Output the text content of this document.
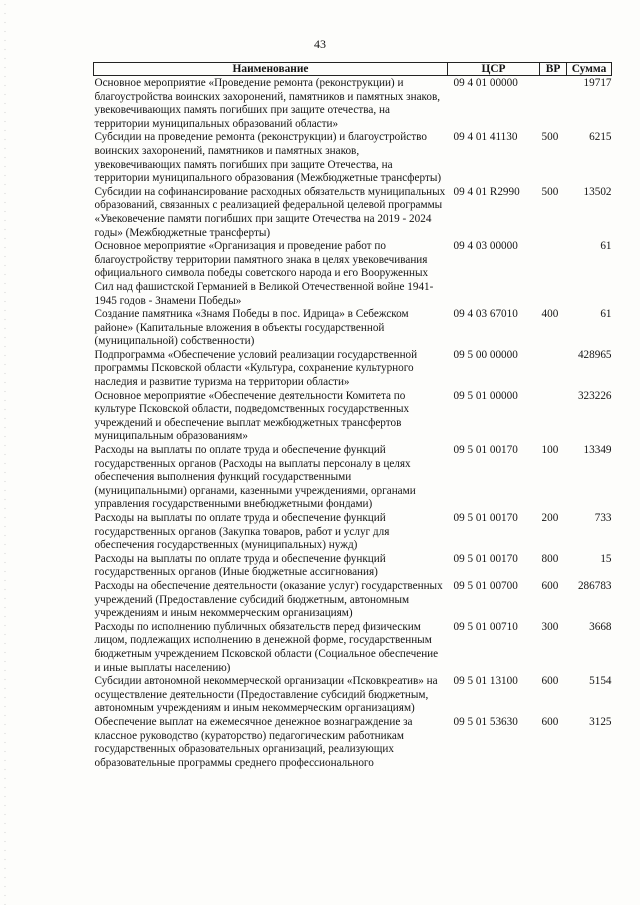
43
Наименование	ЦСР	ВР	Сумма
Основное мероприятие «Проведение ремонта (реконструкции) и благоустройства воинских захоронений, памятников и памятных знаков, увековечивающих память погибших при защите отечества, на территории муниципальных образований области»	09 4 01 00000		19717
Субсидии на проведение ремонта (реконструкции) и благоустройство воинских захоронений, памятников и памятных знаков, увековечивающих память погибших при защите Отечества, на территории муниципального образования (Межбюджетные трансферты)	09 4 01 41130	500	6215
Субсидии на софинансирование расходных обязательств муниципальных образований, связанных с реализацией федеральной целевой программы «Увековечение памяти погибших при защите Отечества на 2019 - 2024 годы» (Межбюджетные трансферты)	09 4 01 R2990	500	13502
Основное мероприятие «Организация и проведение работ по благоустройству территории памятного знака в целях увековечивания официального символа победы советского народа и его Вооруженных Сил над фашистской Германией в Великой Отечественной войне 1941-1945 годов - Знамени Победы»	09 4 03 00000		61
Создание памятника «Знамя Победы в пос. Идрица» в Себежском районе» (Капитальные вложения в объекты государственной (муниципальной) собственности)	09 4 03 67010	400	61
Подпрограмма «Обеспечение условий реализации государственной программы Псковской области «Культура, сохранение культурного наследия и развитие туризма на территории области»	09 5 00 00000		428965
Основное мероприятие «Обеспечение деятельности Комитета по культуре Псковской области, подведомственных государственных учреждений и обеспечение выплат межбюджетных трансфертов муниципальным образованиям»	09 5 01 00000		323226
Расходы на выплаты по оплате труда и обеспечение функций государственных органов (Расходы на выплаты персоналу в целях обеспечения выполнения функций государственными (муниципальными) органами, казенными учреждениями, органами управления государственными внебюджетными фондами)	09 5 01 00170	100	13349
Расходы на выплаты по оплате труда и обеспечение функций государственных органов (Закупка товаров, работ и услуг для обеспечения государственных (муниципальных) нужд)	09 5 01 00170	200	733
Расходы на выплаты по оплате труда и обеспечение функций государственных органов (Иные бюджетные ассигнования)	09 5 01 00170	800	15
Расходы на обеспечение деятельности (оказание услуг) государственных учреждений (Предоставление субсидий бюджетным, автономным учреждениям и иным некоммерческим организациям)	09 5 01 00700	600	286783
Расходы по исполнению публичных обязательств перед физическим лицом, подлежащих исполнению в денежной форме, государственным бюджетным учреждением Псковской области (Социальное обеспечение и иные выплаты населению)	09 5 01 00710	300	3668
Субсидии автономной некоммерческой организации «Псковкреатив» на осуществление деятельности (Предоставление субсидий бюджетным, автономным учреждениям и иным некоммерческим организациям)	09 5 01 13100	600	5154
Обеспечение выплат на ежемесячное денежное вознаграждение за классное руководство (кураторство) педагогическим работникам государственных образовательных организаций, реализующих образовательные программы среднего профессионального	09 5 01 53630	600	3125
